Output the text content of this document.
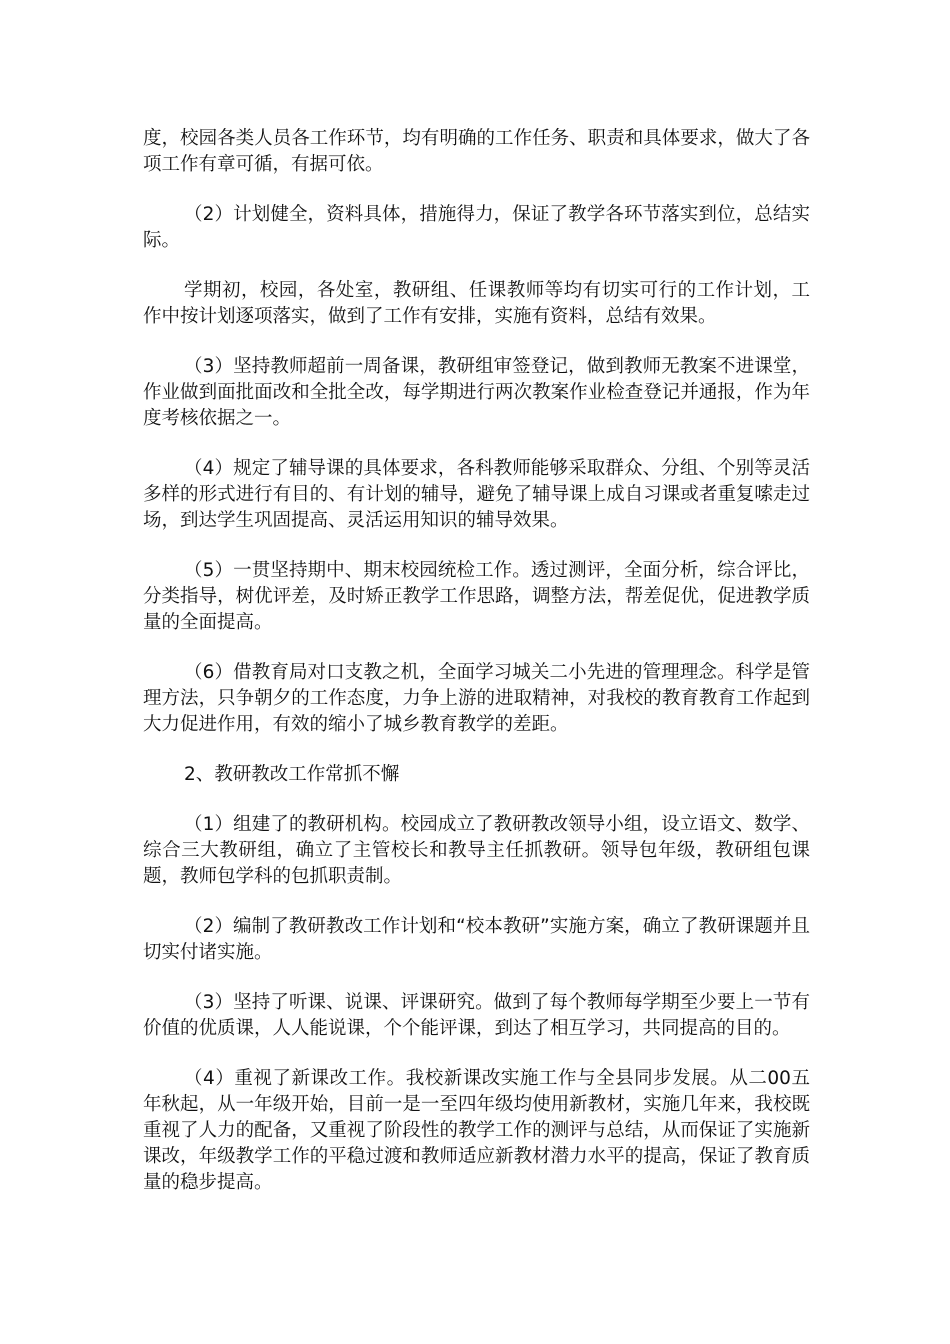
度，校园各类人员各工作环节，均有明确的工作任务、职责和具体要求，做大了各项工作有章可循，有据可依。

（2）计划健全，资料具体，措施得力，保证了教学各环节落实到位，总结实际。

学期初，校园，各处室，教研组、任课教师等均有切实可行的工作计划，工作中按计划逐项落实，做到了工作有安排，实施有资料，总结有效果。

（3）坚持教师超前一周备课，教研组审签登记，做到教师无教案不进课堂，作业做到面批面改和全批全改，每学期进行两次教案作业检查登记并通报，作为年度考核依据之一。

（4）规定了辅导课的具体要求，各科教师能够采取群众、分组、个别等灵活多样的形式进行有目的、有计划的辅导，避免了辅导课上成自习课或者重复嗦走过场，到达学生巩固提高、灵活运用知识的辅导效果。

（5）一贯坚持期中、期末校园统检工作。透过测评，全面分析，综合评比，分类指导，树优评差，及时矫正教学工作思路，调整方法，帮差促优，促进教学质量的全面提高。

（6）借教育局对口支教之机，全面学习城关二小先进的管理理念。科学是管理方法，只争朝夕的工作态度，力争上游的进取精神，对我校的教育教育工作起到大力促进作用，有效的缩小了城乡教育教学的差距。

2、教研教改工作常抓不懈

（1）组建了的教研机构。校园成立了教研教改领导小组，设立语文、数学、综合三大教研组，确立了主管校长和教导主任抓教研。领导包年级，教研组包课题，教师包学科的包抓职责制。

（2）编制了教研教改工作计划和“校本教研”实施方案，确立了教研课题并且切实付诸实施。

（3）坚持了听课、说课、评课研究。做到了每个教师每学期至少要上一节有价值的优质课，人人能说课，个个能评课，到达了相互学习，共同提高的目的。

（4）重视了新课改工作。我校新课改实施工作与全县同步发展。从二00五年秋起，从一年级开始，目前一是一至四年级均使用新教材，实施几年来，我校既重视了人力的配备，又重视了阶段性的教学工作的测评与总结，从而保证了实施新课改，年级教学工作的平稳过渡和教师适应新教材潜力水平的提高，保证了教育质量的稳步提高。
